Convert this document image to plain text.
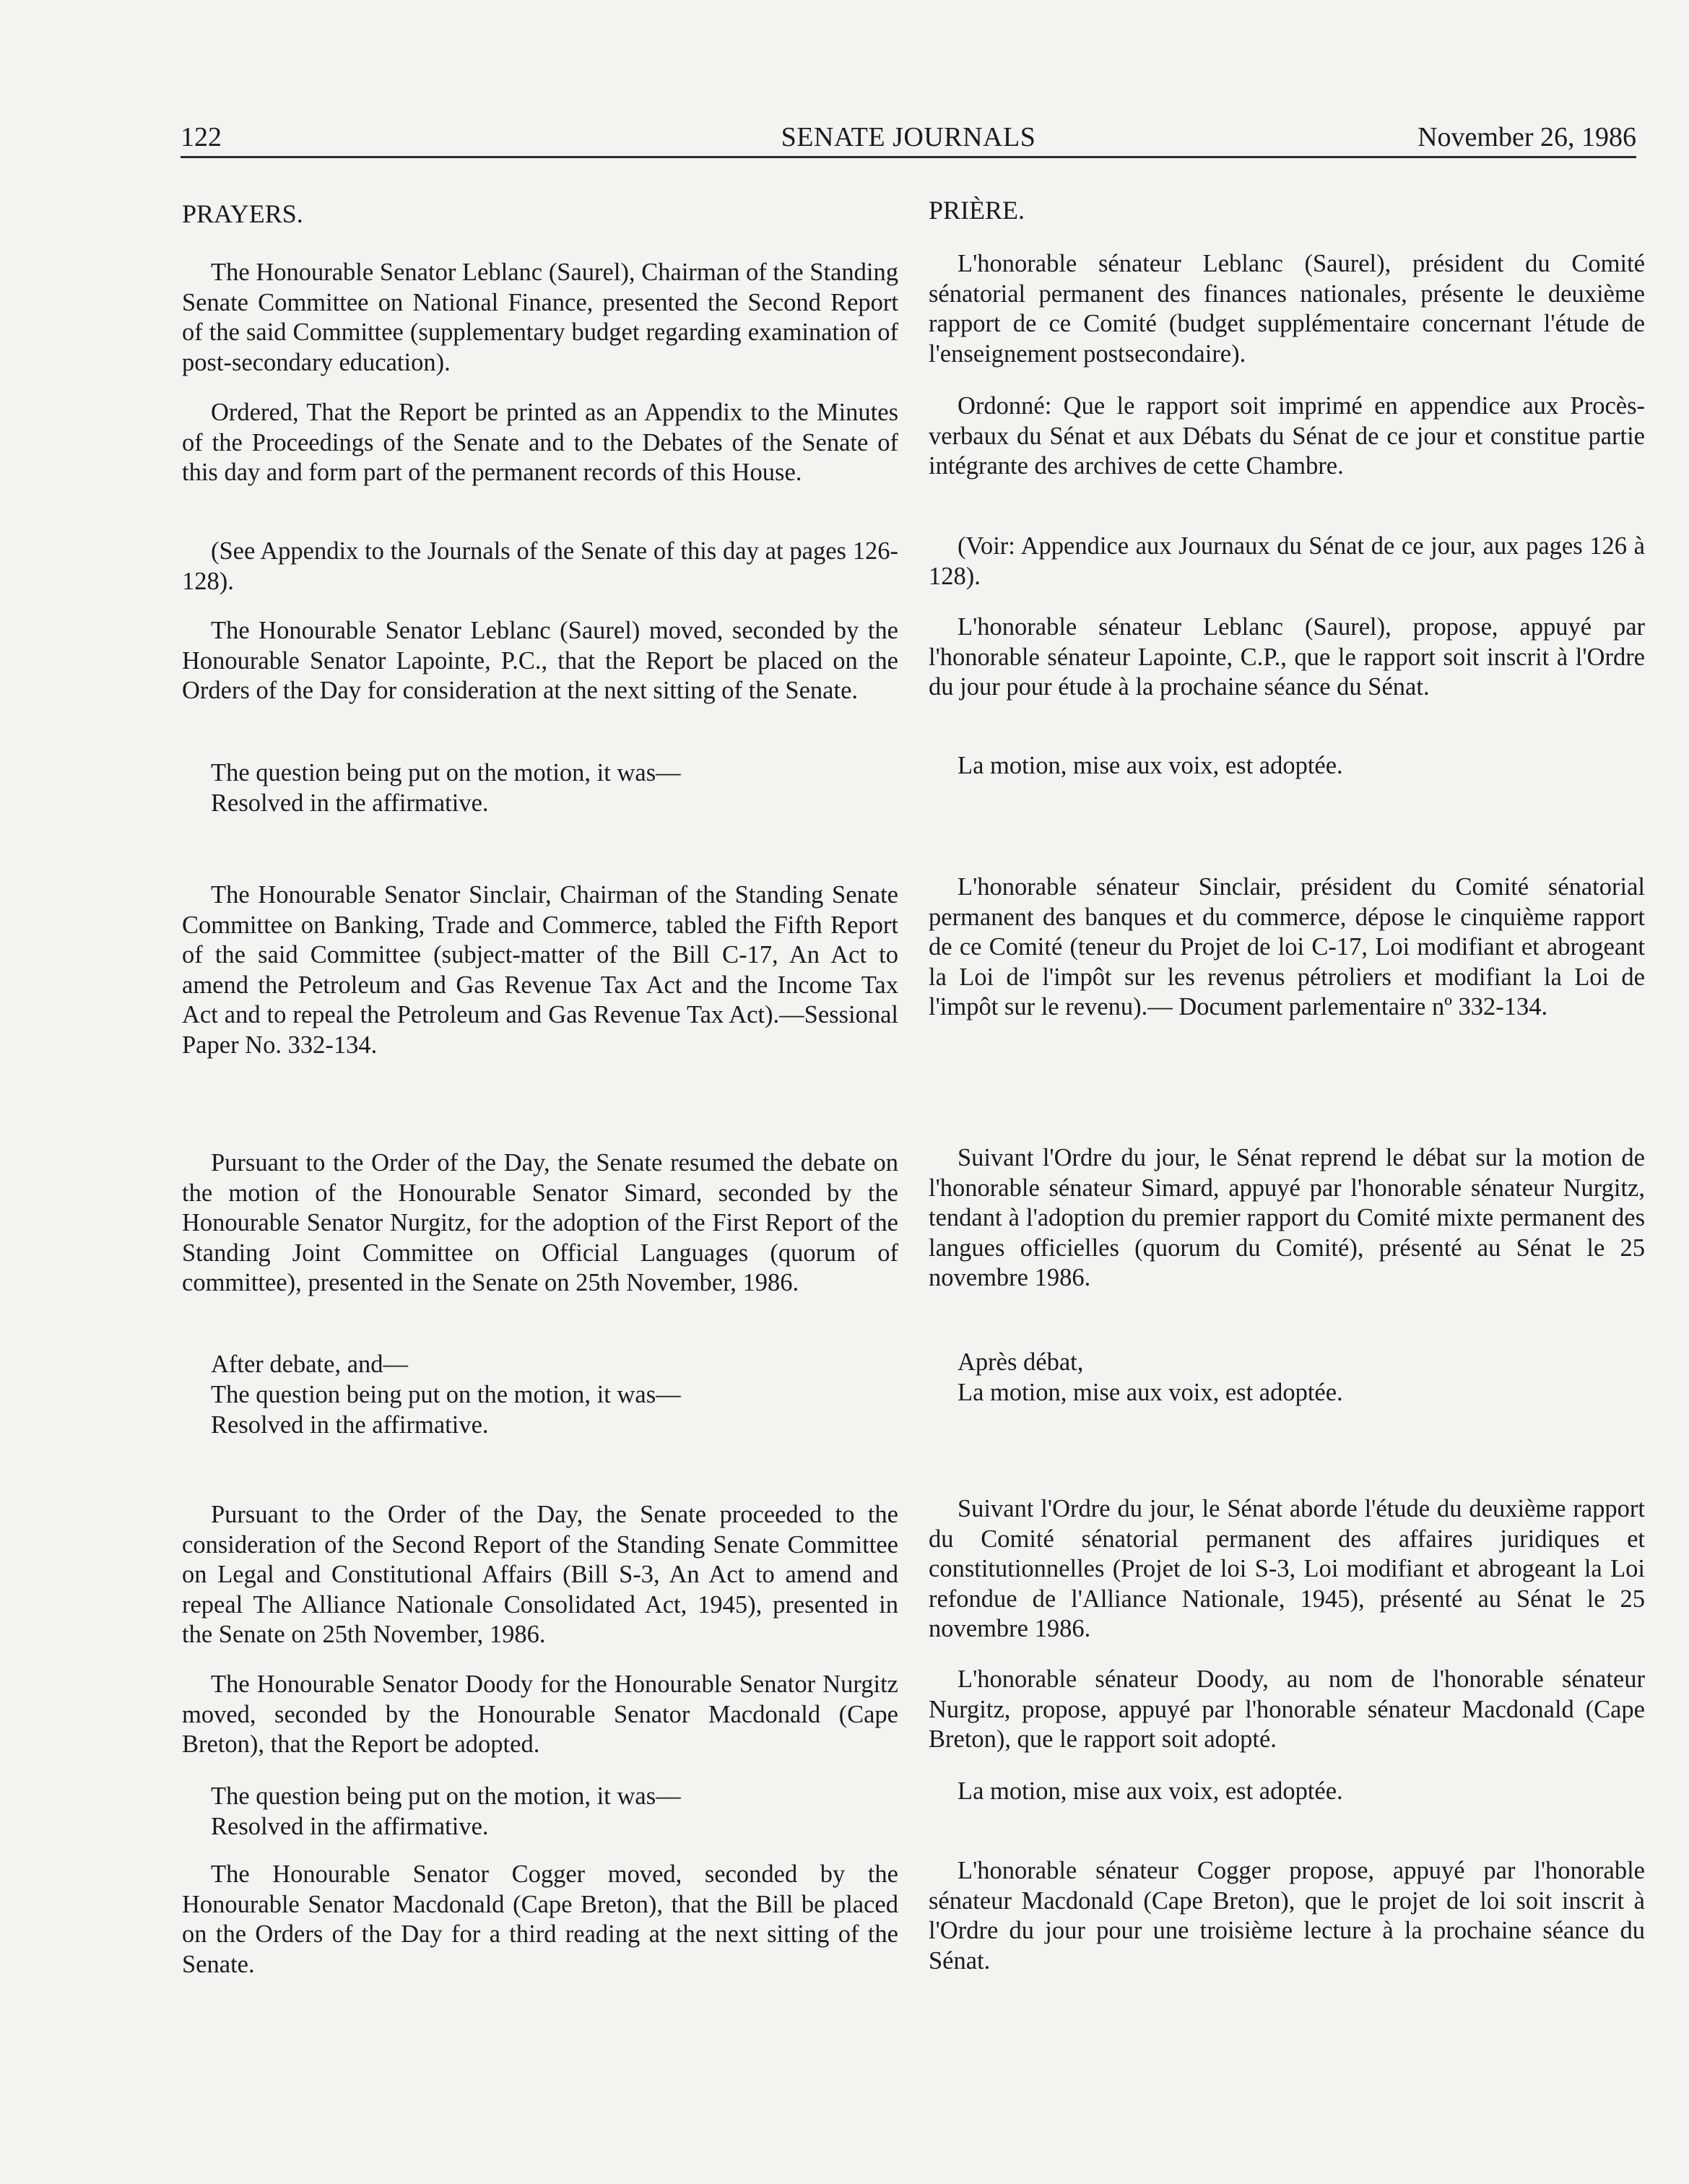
122	SENATE JOURNALS	November 26, 1986

PRAYERS.

The Honourable Senator Leblanc (Saurel), Chairman of the Standing Senate Committee on National Finance, presented the Second Report of the said Committee (supplementary budget regarding examination of post-secondary education).

Ordered, That the Report be printed as an Appendix to the Minutes of the Proceedings of the Senate and to the Debates of the Senate of this day and form part of the permanent records of this House.

(See Appendix to the Journals of the Senate of this day at pages 126-128).

The Honourable Senator Leblanc (Saurel) moved, seconded by the Honourable Senator Lapointe, P.C., that the Report be placed on the Orders of the Day for consideration at the next sitting of the Senate.

The question being put on the motion, it was—

Resolved in the affirmative.

The Honourable Senator Sinclair, Chairman of the Standing Senate Committee on Banking, Trade and Commerce, tabled the Fifth Report of the said Committee (subject-matter of the Bill C-17, An Act to amend the Petroleum and Gas Revenue Tax Act and the Income Tax Act and to repeal the Petroleum and Gas Revenue Tax Act).—Sessional Paper No. 332-134.

Pursuant to the Order of the Day, the Senate resumed the debate on the motion of the Honourable Senator Simard, seconded by the Honourable Senator Nurgitz, for the adoption of the First Report of the Standing Joint Committee on Official Languages (quorum of committee), presented in the Senate on 25th November, 1986.

After debate, and—

The question being put on the motion, it was—

Resolved in the affirmative.

Pursuant to the Order of the Day, the Senate proceeded to the consideration of the Second Report of the Standing Senate Committee on Legal and Constitutional Affairs (Bill S-3, An Act to amend and repeal The Alliance Nationale Consolidated Act, 1945), presented in the Senate on 25th November, 1986.

The Honourable Senator Doody for the Honourable Senator Nurgitz moved, seconded by the Honourable Senator Macdonald (Cape Breton), that the Report be adopted.

The question being put on the motion, it was—

Resolved in the affirmative.

The Honourable Senator Cogger moved, seconded by the Honourable Senator Macdonald (Cape Breton), that the Bill be placed on the Orders of the Day for a third reading at the next sitting of the Senate.

PRIÈRE.

L'honorable sénateur Leblanc (Saurel), président du Comité sénatorial permanent des finances nationales, présente le deuxième rapport de ce Comité (budget supplémentaire concernant l'étude de l'enseignement postsecondaire).

Ordonné: Que le rapport soit imprimé en appendice aux Procès-verbaux du Sénat et aux Débats du Sénat de ce jour et constitue partie intégrante des archives de cette Chambre.

(Voir: Appendice aux Journaux du Sénat de ce jour, aux pages 126 à 128).

L'honorable sénateur Leblanc (Saurel), propose, appuyé par l'honorable sénateur Lapointe, C.P., que le rapport soit inscrit à l'Ordre du jour pour étude à la prochaine séance du Sénat.

La motion, mise aux voix, est adoptée.

L'honorable sénateur Sinclair, président du Comité sénatorial permanent des banques et du commerce, dépose le cinquième rapport de ce Comité (teneur du Projet de loi C-17, Loi modifiant et abrogeant la Loi de l'impôt sur les revenus pétroliers et modifiant la Loi de l'impôt sur le revenu).— Document parlementaire nº 332-134.

Suivant l'Ordre du jour, le Sénat reprend le débat sur la motion de l'honorable sénateur Simard, appuyé par l'honorable sénateur Nurgitz, tendant à l'adoption du premier rapport du Comité mixte permanent des langues officielles (quorum du Comité), présenté au Sénat le 25 novembre 1986.

Après débat,

La motion, mise aux voix, est adoptée.

Suivant l'Ordre du jour, le Sénat aborde l'étude du deuxième rapport du Comité sénatorial permanent des affaires juridiques et constitutionnelles (Projet de loi S-3, Loi modifiant et abrogeant la Loi refondue de l'Alliance Nationale, 1945), présenté au Sénat le 25 novembre 1986.

L'honorable sénateur Doody, au nom de l'honorable sénateur Nurgitz, propose, appuyé par l'honorable sénateur Macdonald (Cape Breton), que le rapport soit adopté.

La motion, mise aux voix, est adoptée.

L'honorable sénateur Cogger propose, appuyé par l'honorable sénateur Macdonald (Cape Breton), que le projet de loi soit inscrit à l'Ordre du jour pour une troisième lecture à la prochaine séance du Sénat.
